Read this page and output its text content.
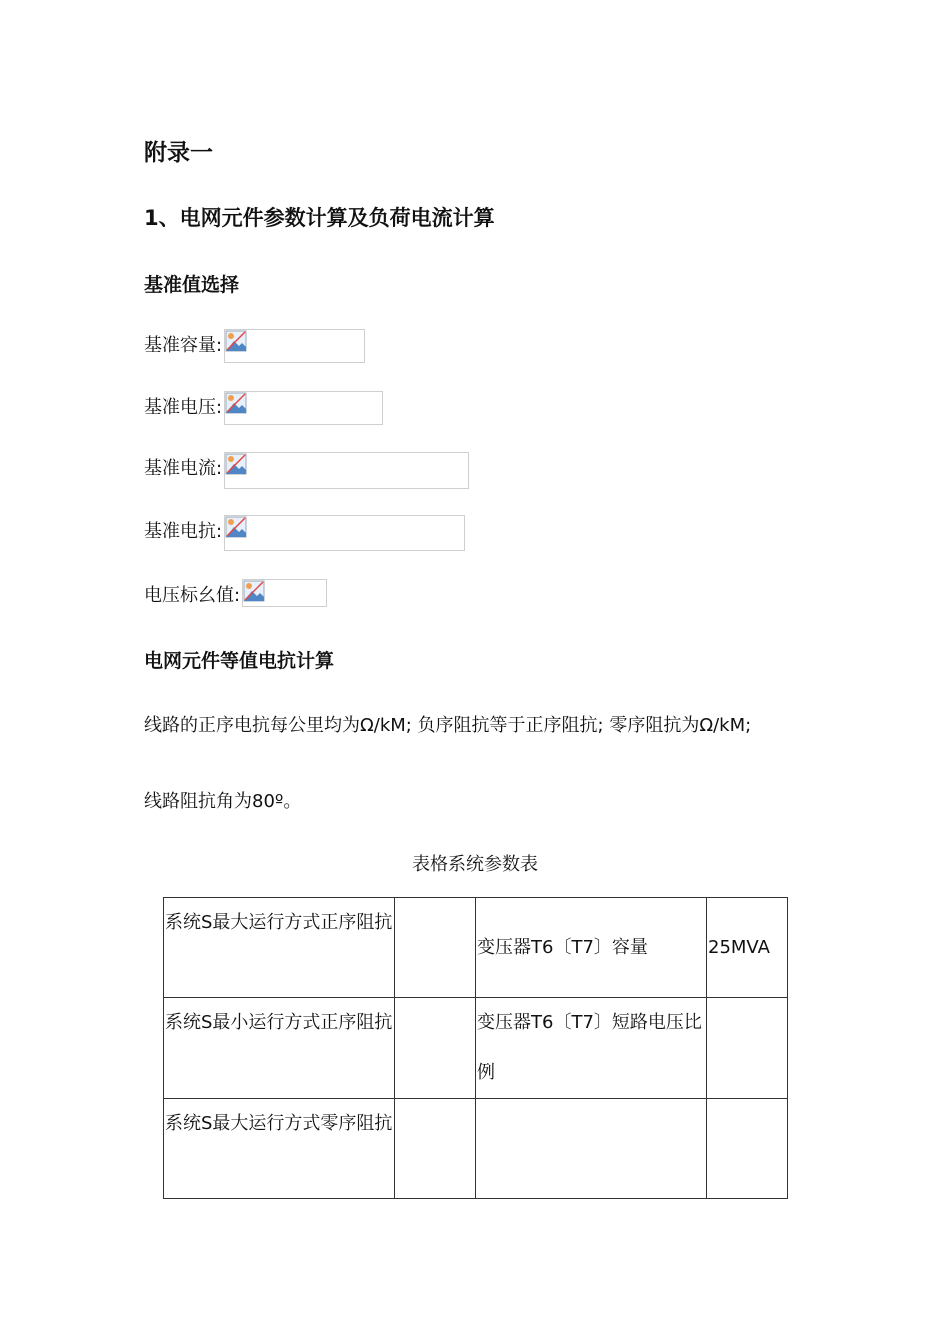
附录一
1、电网元件参数计算及负荷电流计算
基准值选择
基准容量:
基准电压:
基准电流:
基准电抗:
电压标幺值:
电网元件等值电抗计算

线路的正序电抗每公里均为Ω/kM; 负序阻抗等于正序阻抗; 零序阻抗为Ω/kM;

线路阻抗角为80º。

表格系统参数表
系统S最大运行方式正序阻抗		变压器T6〔T7〕容量	25MVA
系统S最小运行方式正序阻抗		变压器T6〔T7〕短路电压比例	
系统S最大运行方式零序阻抗			
